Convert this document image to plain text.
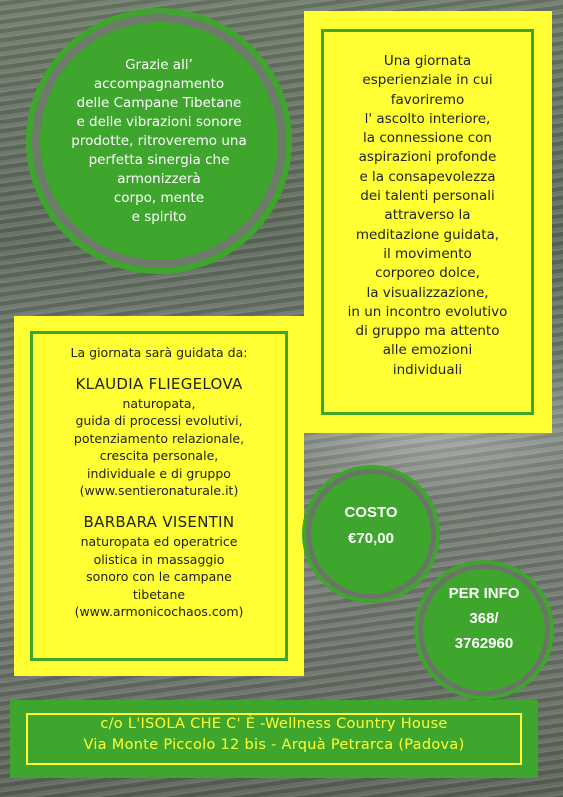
Grazie all’
accompagnamento
delle Campane Tibetane
e delle vibrazioni sonore
prodotte, ritroveremo una
perfetta sinergia che
armonizzerà
corpo, mente
e spirito

Una giornata
esperienziale in cui
favoriremo
l' ascolto interiore,
la connessione con
aspirazioni profonde
e la consapevolezza
dei talenti personali
attraverso la
meditazione guidata,
il movimento
corporeo dolce,
la visualizzazione,
in un incontro evolutivo
di gruppo ma attento
alle emozioni
individuali
La giornata sarà guidata da:
KLAUDIA FLIEGELOVA
naturopata,
guida di processi evolutivi,
potenziamento relazionale,
crescita personale,
individuale e di gruppo
(www.sentieronaturale.it)
BARBARA VISENTIN
naturopata ed operatrice
olistica in massaggio
sonoro con le campane
tibetane
(www.armonicochaos.com)
COSTO
€70,00
PER INFO
368/
3762960
c/o L'ISOLA CHE C' È -Wellness Country House
Via Monte Piccolo 12 bis - Arquà Petrarca (Padova)
